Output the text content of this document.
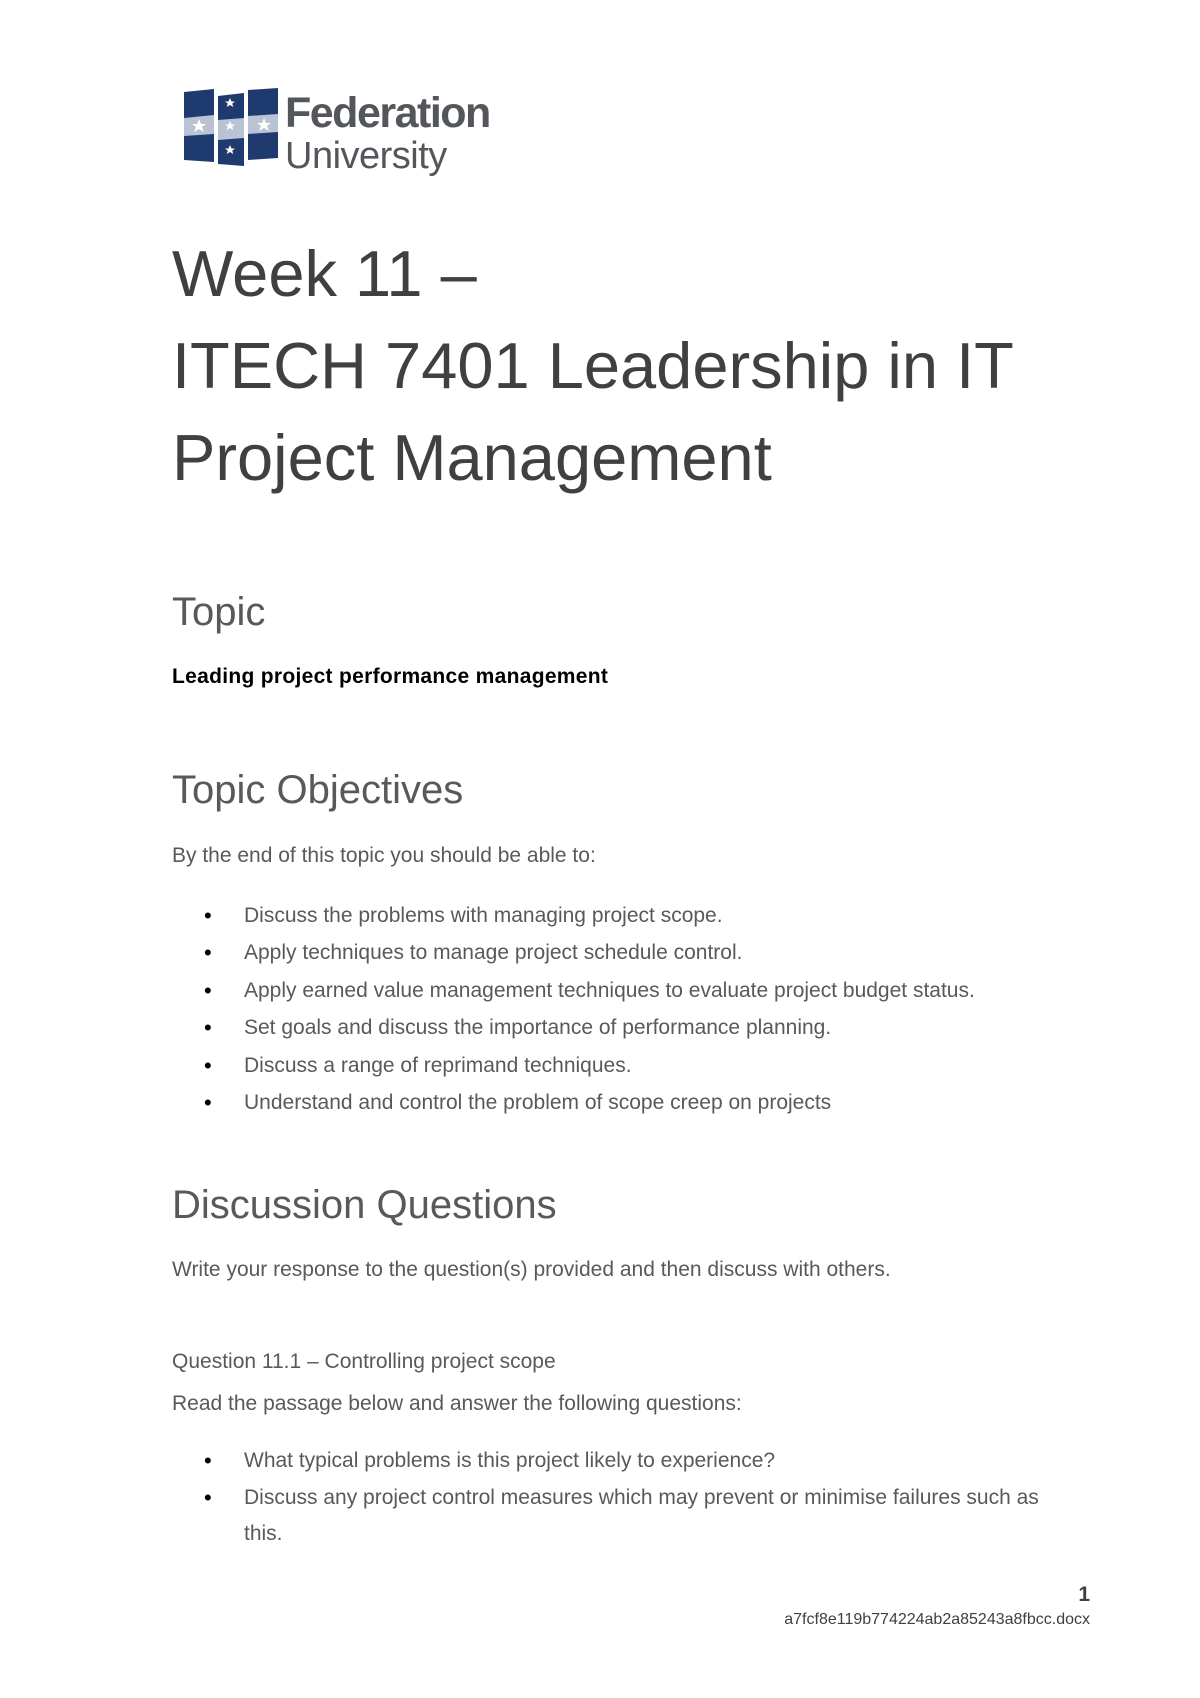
Federation
University
Week 11 –
ITECH 7401 Leadership in IT
Project Management
Topic

Leading project performance management

Topic Objectives

By the end of this topic you should be able to:

• Discuss the problems with managing project scope.
• Apply techniques to manage project schedule control.
• Apply earned value management techniques to evaluate project budget status.
• Set goals and discuss the importance of performance planning.
• Discuss a range of reprimand techniques.
• Understand and control the problem of scope creep on projects
Discussion Questions

Write your response to the question(s) provided and then discuss with others.

Question 11.1 – Controlling project scope

Read the passage below and answer the following questions:

• What typical problems is this project likely to experience?
• Discuss any project control measures which may prevent or minimise failures such as this.
1
a7fcf8e119b774224ab2a85243a8fbcc.docx
